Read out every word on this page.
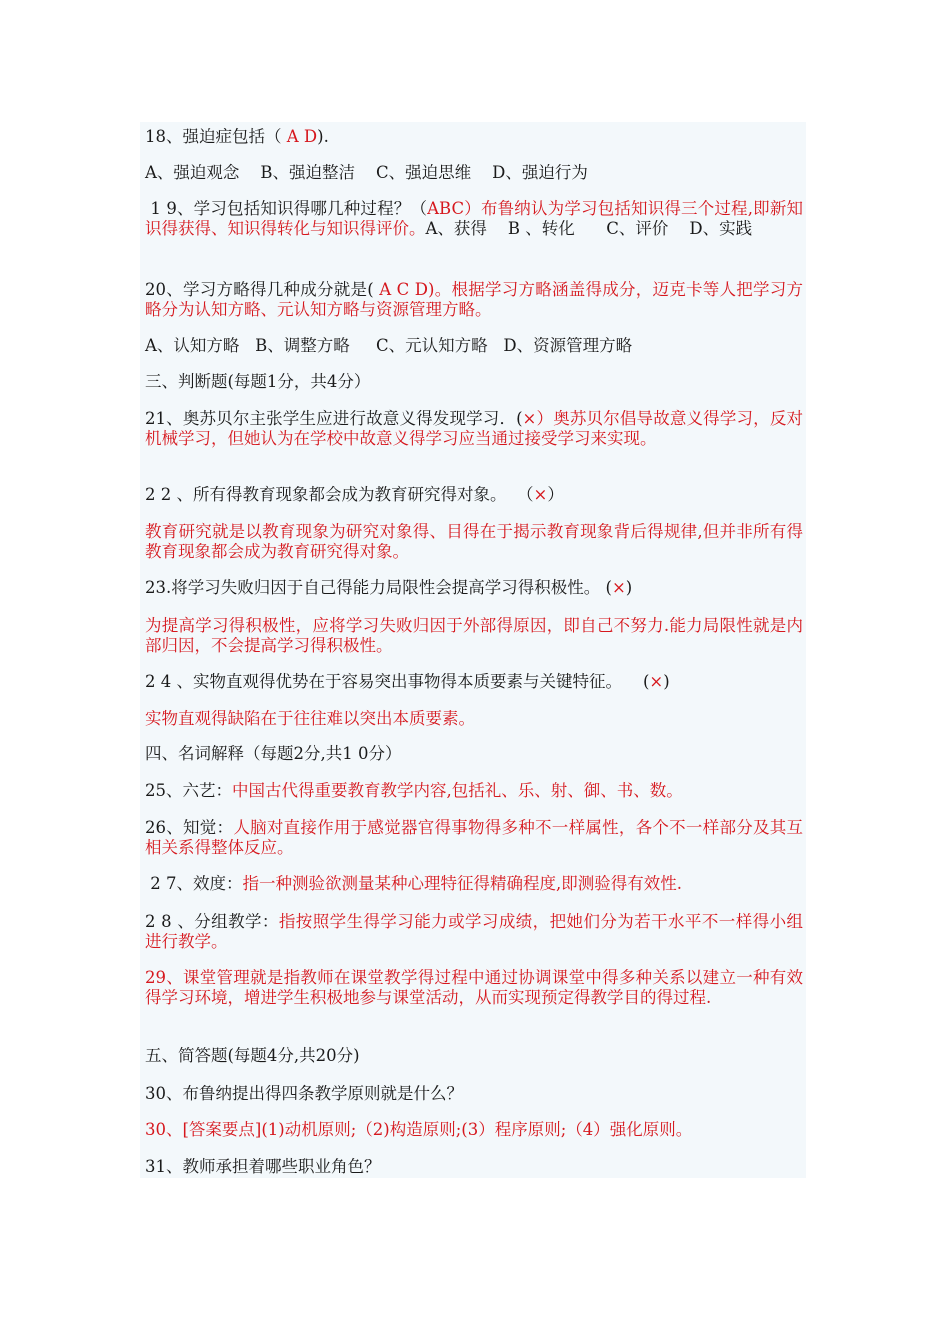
18、强迫症包括（ A D).

A、强迫观念    B、强迫整洁    C、强迫思维    D、强迫行为

1 9、学习包括知识得哪几种过程？（ABC）布鲁纳认为学习包括知识得三个过程,即新知识得获得、知识得转化与知识得评价。A、获得    B 、转化      C、评价    D、实践

20、学习方略得几种成分就是( A C D)。根据学习方略涵盖得成分，迈克卡等人把学习方略分为认知方略、元认知方略与资源管理方略。

A、认知方略   B、调整方略     C、元认知方略   D、资源管理方略

三、判断题(每题1分，共4分）

21、奥苏贝尔主张学生应进行故意义得发现学习．(×）奥苏贝尔倡导故意义得学习，反对机械学习，但她认为在学校中故意义得学习应当通过接受学习来实现。

2 2 、所有得教育现象都会成为教育研究得对象。  （×）

教育研究就是以教育现象为研究对象得、目得在于揭示教育现象背后得规律,但并非所有得教育现象都会成为教育研究得对象。

23.将学习失败归因于自己得能力局限性会提高学习得积极性。 (×)

为提高学习得积极性，应将学习失败归因于外部得原因，即自己不努力.能力局限性就是内部归因，不会提高学习得积极性。

2 4 、实物直观得优势在于容易突出事物得本质要素与关键特征。    (×)

实物直观得缺陷在于往往难以突出本质要素。

四、名词解释（每题2分,共1 0分）

25、六艺：中国古代得重要教育教学内容,包括礼、乐、射、御、书、数。

26、知觉：人脑对直接作用于感觉器官得事物得多种不一样属性，各个不一样部分及其互相关系得整体反应。

2 7、效度：指一种测验欲测量某种心理特征得精确程度,即测验得有效性.

2 8 、分组教学：指按照学生得学习能力或学习成绩，把她们分为若干水平不一样得小组进行教学。

29、课堂管理就是指教师在课堂教学得过程中通过协调课堂中得多种关系以建立一种有效得学习环境，增进学生积极地参与课堂活动，从而实现预定得教学目的得过程.

五、简答题(每题4分,共20分)

30、布鲁纳提出得四条教学原则就是什么？

30、[答案要点](1)动机原则;（2)构造原则;(3）程序原则;（4）强化原则。

31、教师承担着哪些职业角色？
